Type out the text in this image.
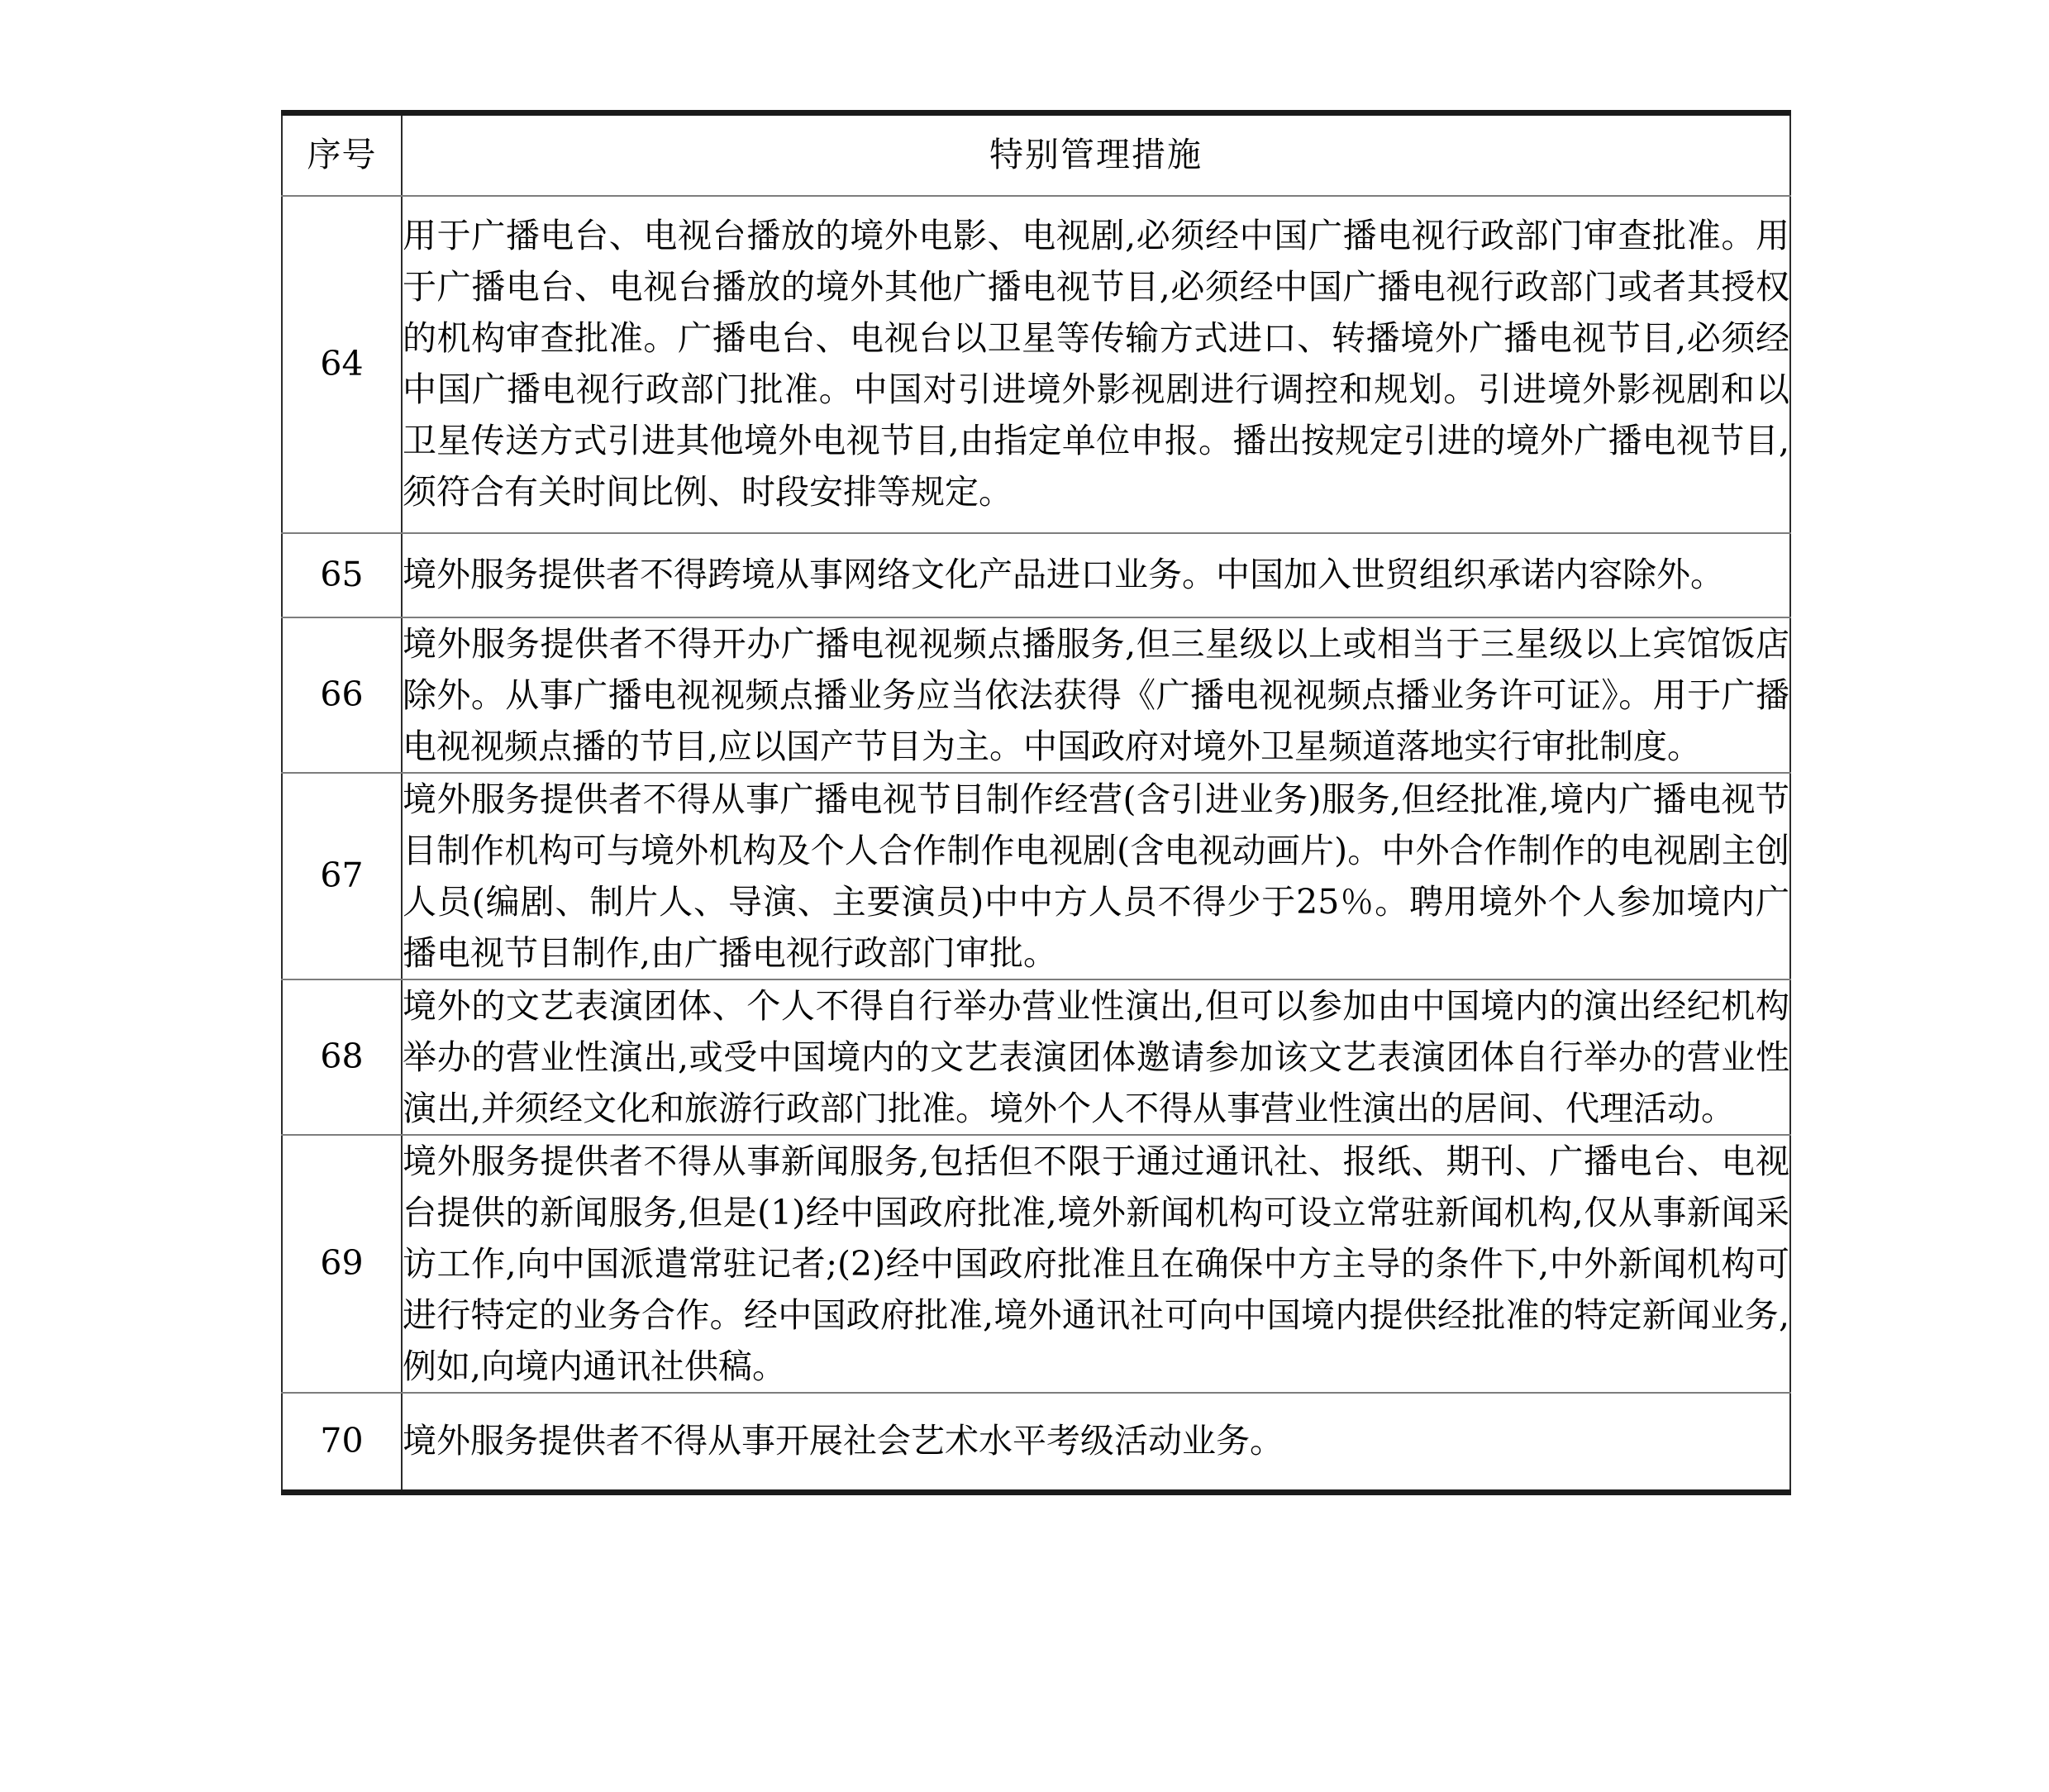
序号	特别管理措施
64	用于广播电台、电视台播放的境外电影、电视剧,必须经中国广播电视行政部门审查批准。用于广播电台、电视台播放的境外其他广播电视节目,必须经中国广播电视行政部门或者其授权的机构审查批准。广播电台、电视台以卫星等传输方式进口、转播境外广播电视节目,必须经中国广播电视行政部门批准。中国对引进境外影视剧进行调控和规划。引进境外影视剧和以卫星传送方式引进其他境外电视节目,由指定单位申报。播出按规定引进的境外广播电视节目,须符合有关时间比例、时段安排等规定。
65	境外服务提供者不得跨境从事网络文化产品进口业务。中国加入世贸组织承诺内容除外。
66	境外服务提供者不得开办广播电视视频点播服务,但三星级以上或相当于三星级以上宾馆饭店除外。从事广播电视视频点播业务应当依法获得《广播电视视频点播业务许可证》。用于广播电视视频点播的节目,应以国产节目为主。中国政府对境外卫星频道落地实行审批制度。
67	境外服务提供者不得从事广播电视节目制作经营(含引进业务)服务,但经批准,境内广播电视节目制作机构可与境外机构及个人合作制作电视剧(含电视动画片)。中外合作制作的电视剧主创人员(编剧、制片人、导演、主要演员)中中方人员不得少于25％。聘用境外个人参加境内广播电视节目制作,由广播电视行政部门审批。
68	境外的文艺表演团体、个人不得自行举办营业性演出,但可以参加由中国境内的演出经纪机构举办的营业性演出,或受中国境内的文艺表演团体邀请参加该文艺表演团体自行举办的营业性演出,并须经文化和旅游行政部门批准。境外个人不得从事营业性演出的居间、代理活动。
69	境外服务提供者不得从事新闻服务,包括但不限于通过通讯社、报纸、期刊、广播电台、电视台提供的新闻服务,但是(1)经中国政府批准,境外新闻机构可设立常驻新闻机构,仅从事新闻采访工作,向中国派遣常驻记者;(2)经中国政府批准且在确保中方主导的条件下,中外新闻机构可进行特定的业务合作。经中国政府批准,境外通讯社可向中国境内提供经批准的特定新闻业务,例如,向境内通讯社供稿。
70	境外服务提供者不得从事开展社会艺术水平考级活动业务。
